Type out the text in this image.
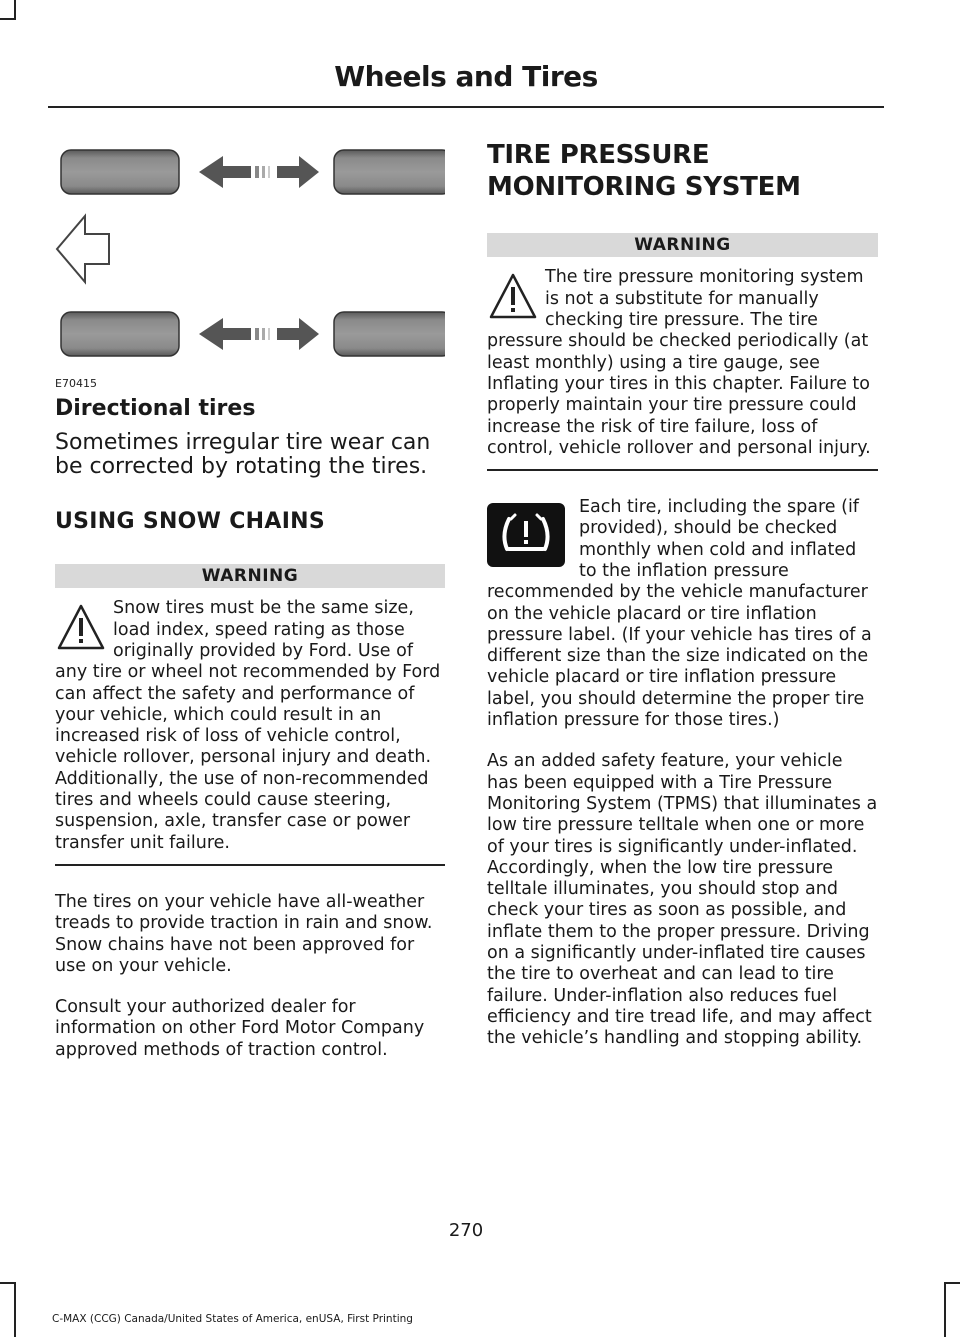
Wheels and Tires
E70415
Directional tires

Sometimes irregular tire wear can be corrected by rotating the tires.

USING SNOW CHAINS
WARNING
Snow tires must be the same size, load index, speed rating as those originally provided by Ford. Use of any tire or wheel not recommended by Ford can affect the safety and performance of your vehicle, which could result in an increased risk of loss of vehicle control, vehicle rollover, personal injury and death. Additionally, the use of non-recommended tires and wheels could cause steering, suspension, axle, transfer case or power transfer unit failure.

The tires on your vehicle have all-weather treads to provide traction in rain and snow. Snow chains have not been approved for use on your vehicle.

Consult your authorized dealer for information on other Ford Motor Company approved methods of traction control.

TIRE PRESSURE MONITORING SYSTEM
WARNING
The tire pressure monitoring system is not a substitute for manually checking tire pressure. The tire pressure should be checked periodically (at least monthly) using a tire gauge, see Inflating your tires in this chapter. Failure to properly maintain your tire pressure could increase the risk of tire failure, loss of control, vehicle rollover and personal injury.

Each tire, including the spare (if provided), should be checked monthly when cold and inflated to the inflation pressure recommended by the vehicle manufacturer on the vehicle placard or tire inflation pressure label. (If your vehicle has tires of a different size than the size indicated on the vehicle placard or tire inflation pressure label, you should determine the proper tire inflation pressure for those tires.)

As an added safety feature, your vehicle has been equipped with a Tire Pressure Monitoring System (TPMS) that illuminates a low tire pressure telltale when one or more of your tires is significantly under-inflated. Accordingly, when the low tire pressure telltale illuminates, you should stop and check your tires as soon as possible, and inflate them to the proper pressure. Driving on a significantly under-inflated tire causes the tire to overheat and can lead to tire failure. Under-inflation also reduces fuel efficiency and tire tread life, and may affect the vehicle’s handling and stopping ability.

270
C-MAX (CCG) Canada/United States of America, enUSA, First Printing
